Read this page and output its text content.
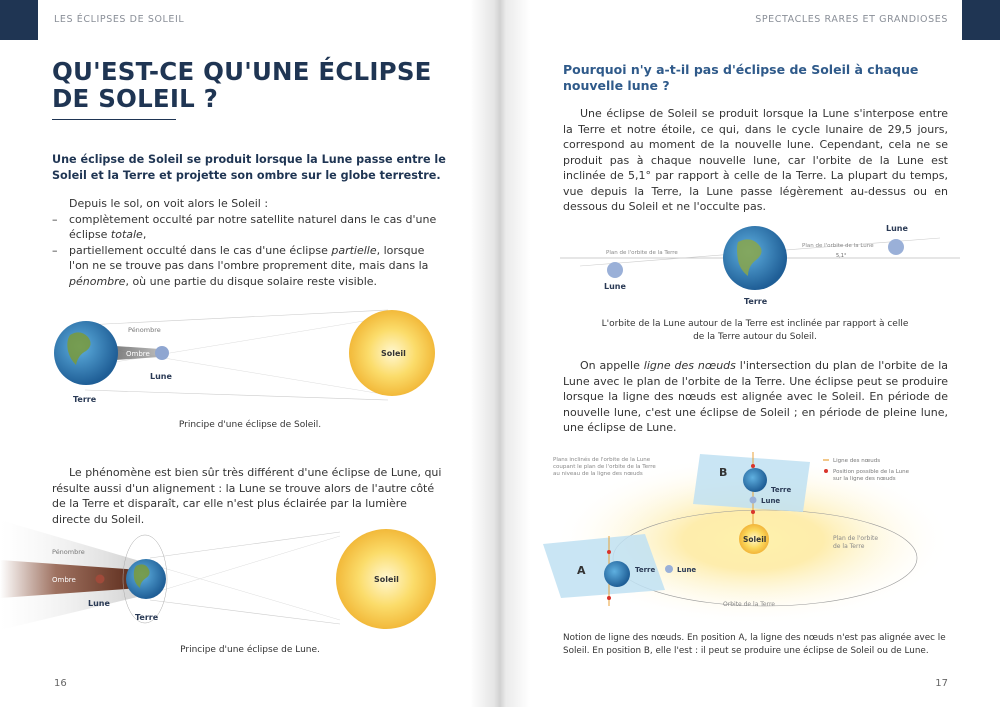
LES ÉCLIPSES DE SOLEIL
QU'EST-CE QU'UNE ÉCLIPSE DE SOLEIL ?
Une éclipse de Soleil se produit lorsque la Lune passe entre le Soleil et la Terre et projette son ombre sur le globe terrestre.

Depuis le sol, on voit alors le Soleil :

– complètement occulté par notre satellite naturel dans le cas d'une éclipse totale,
– partiellement occulté dans le cas d'une éclipse partielle, lorsque l'on ne se trouve pas dans l'ombre proprement dite, mais dans la pénombre, où une partie du disque solaire reste visible.
Pénombre
Ombre
Lune
Terre
Soleil
Principe d'une éclipse de Soleil.

Le phénomène est bien sûr très différent d'une éclipse de Lune, qui résulte aussi d'un alignement : la Lune se trouve alors de l'autre côté de la Terre et disparaît, car elle n'est plus éclairée par la lumière directe du Soleil.

Pénombre
Ombre
Lune
Terre
Soleil
Principe d'une éclipse de Lune.
16
SPECTACLES RARES ET GRANDIOSES
17
Pourquoi n'y a-t-il pas d'éclipse de Soleil à chaque nouvelle lune ?

Une éclipse de Soleil se produit lorsque la Lune s'interpose entre la Terre et notre étoile, ce qui, dans le cycle lunaire de 29,5 jours, correspond au moment de la nouvelle lune. Cependant, cela ne se produit pas à chaque nouvelle lune, car l'orbite de la Lune est inclinée de 5,1° par rapport à celle de la Terre. La plupart du temps, vue depuis la Terre, la Lune passe légèrement au-dessus ou en dessous du Soleil et ne l'occulte pas.

Plan de l'orbite de la Terre
Plan de l'orbite de la Lune
5,1°
Lune
Lune
Terre
L'orbite de la Lune autour de la Terre est inclinée par rapport à celle de la Terre autour du Soleil.

On appelle ligne des nœuds l'intersection du plan de l'orbite de la Lune avec le plan de l'orbite de la Terre. Une éclipse peut se produire lorsque la ligne des nœuds est alignée avec le Soleil. En période de nouvelle lune, c'est une éclipse de Soleil ; en période de pleine lune, une éclipse de Lune.

A
B
Terre	Lune
Terre
Lune
Soleil	Plan de l'orbite de la Terre
Orbite de la Terre
Plans inclinés de l'orbite de la Lune coupant le plan de l'orbite de la Terre au niveau de la ligne des nœuds
Ligne des nœuds
Position possible de la Lune sur la ligne des nœuds
Notion de ligne des nœuds. En position A, la ligne des nœuds n'est pas alignée avec le Soleil. En position B, elle l'est : il peut se produire une éclipse de Soleil ou de Lune.
